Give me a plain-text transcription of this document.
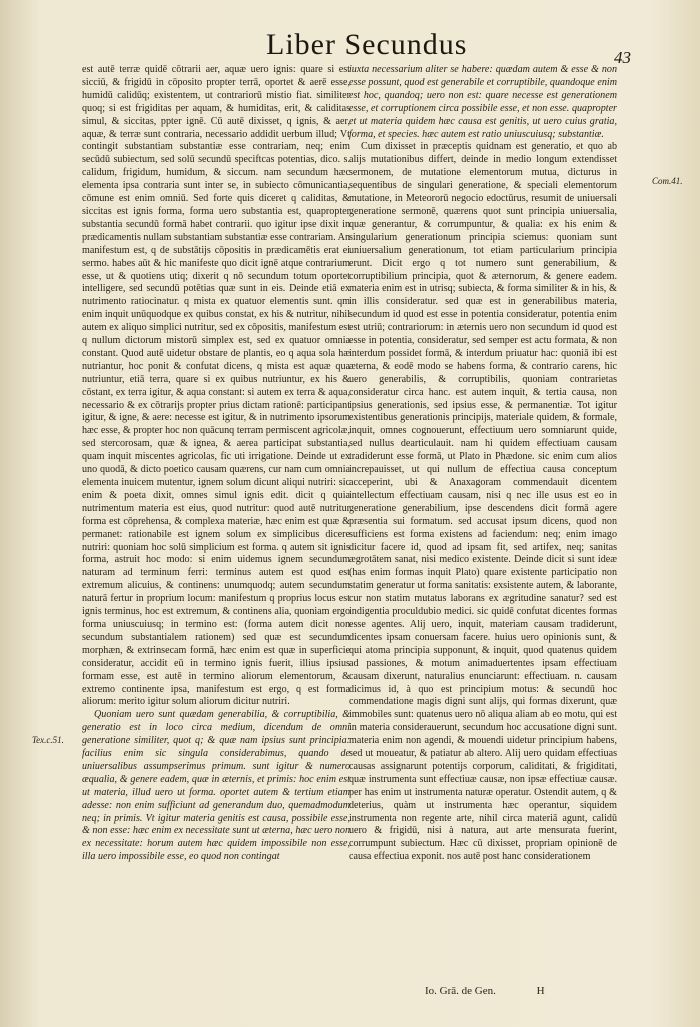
Liber Secundus	43

est autē terræ quidē cōtrarii aer, aquæ uero ignis: quare si est sicciū, & frigidū in cōposito propter terrā, oportet & aerē esse, humidū calidūq; existentem, ut contrariorū mistio fiat. similiter quoq; si est frigiditas per aquam, & humiditas, erit, & caliditas simul, & siccitas, ppter ignē. Cū autē dixisset, q ignis, & aer, aquæ, & terræ sunt contraria, necessario addidit uerbum illud; Vt contingit substantiam substantiæ esse contrariam, neq; enim secūdū subiectum, sed solū secundū speciftcas potentias, dico. s. calidum, frigidum, humidum, & siccum. nam secundum hæc elementa ipsa contraria sunt inter se, in subiecto cōmunicantia, cōmune est enim omniū. Sed forte quis diceret q caliditas, & siccitas est ignis forma, forma uero substantia est, quapropter substantia secundū formā habet contrarii. quo igitur ipse dixit in prædicamentis nullam substantiam substantiæ esse contrariam. An manifestum est, q de substātijs cōpositis in prædicamētis erat ei sermo. habes aūt & hic manifeste quo dicit ignē atque contrarium esse, ut & quotiens utiq; dixerit q nō secundum totum oportet intelligere, sed secundū potētias quæ sunt in eis. Deinde etiā ex nutrimento ratiocinatur. q mista ex quatuor elementis sunt. qm enim inquit unūquodque ex quibus constat, ex his & nutritur, nihil autem ex aliquo simplici nutritur, sed ex cōpositis, manifestum est q nullum dictorum mistorū simplex est, sed ex quatuor omnia constant. Quod autē uidetur obstare de plantis, eo q aqua sola hæ nutriantur, hoc ponit & confutat dicens, q mista est aquæ qua nutriuntur, etiā terra, quare si ex quibus nutriuntur, ex his & cōstant, ex terra igitur, & aqua constant: si autem ex terra & aqua, necessario & ex cōtrarijs propter prius dictam rationē: participant igitur, & igne, & aere: necesse est igitur, & in nutrimento ipsorum hæc esse, & propter hoc non quācunq terram permiscent agricolæ, sed stercorosam, quæ & ignea, & aerea participat substantia, quam inquit miscentes agricolas, fic uti irrigatione. Deinde ut ex uno quodā, & dicto poetico causam quærens, cur nam cum omnia elementa inuicem mutentur, ignem solum dicunt aliqui nutriri: sic enim & poeta dixit, omnes simul ignis edit. dicit q quia nutrimentum materia est eius, quod nutritur: quod autē nutritur forma est cōprehensa, & complexa materiæ, hæc enim est quæ & permanet: rationabile est ignem solum ex simplicibus dicere nutriri: quoniam hoc solū simplicium est forma. q autem sit ignis forma, astruit hoc modo: si enim uidemus ignem secundum naturam ad terminum ferri: terminus autem est quod est extremum alicuius, & continens: unumquodq; autem secundum naturā fertur in proprium locum: manifestum q proprius locus est ignis terminus, hoc est extremum, & continens alia, quoniam ergo forma uniuscuiusq; in termino est: (forma autem dicit non secundum substantialem rationem) sed quæ est secundum morphæn, & extrinsecam formā, hæc enim est quæ in superficie consideratur, accidit eū in termino ignis fuerit, illius ipsius formam esse, est autē in termino aliorum elementorum, & extremo continente ipsa, manifestum est ergo, q est forma aliorum: merito igitur solum aliorum dicitur nutriri.

Quoniam uero sunt quædam generabilia, & corruptibilia, & generatio est in loco circa medium, dicendum de omni generatione similiter, quot q; & quæ nam ipsius sunt principia: facilius enim sic singula considerabimus, quando de uniuersalibus assumpserimus primum. sunt igitur & numero æqualia, & genere eadem, quæ in æternis, et primis: hoc enim est ut materia, illud uero ut forma. oportet autem & tertium etiam adesse: non enim sufficiunt ad generandum duo, quemadmodum neq; in primis. Vt igitur materia genitis est causa, possibile esse, & non esse: hæc enim ex necessitate sunt ut æterna, hæc uero non ex necessitate: horum autem hæc quidem impossibile non esse, illa uero impossibile esse, eo quod non contingat

iuxta necessarium aliter se habere: quædam autem & esse & non esse possunt, quod est generabile et corruptibile, quandoque enim est hoc, quandoq; uero non est: quare necesse est generationem esse, et corruptionem circa possibile esse, et non esse. quapropter et ut materia quidem hæc causa est genitis, ut uero cuius gratia, forma, et species. hæc autem est ratio uniuscuiusq; substantiæ.

Cum dixisset in præceptis quidnam est generatio, et quo ab alijs mutationibus differt, deinde in medio longum extendisset sermonem, de mutatione elementorum mutua, dicturus in sequentibus de singulari generatione, & speciali elementorum mutatione, in Meteororū negocio edoctūrus, resumit de uniuersali generatione sermonē, quærens quot sunt principia uniuersalia, quæ generantur, & corrumpuntur, & qualia: ex his enim & singularium generationum principia sciemus: quoniam sunt uniuersalium generationum, tot etiam particularium principia erunt. Dicit ergo q tot numero sunt generabilium, & corruptibilium principia, quot & æternorum, & genere eadem. materia enim est in utrisq; subiecta, & forma similiter & in his, & in illis consideratur. sed quæ est in generabilibus materia, secundum id quod est esse in potentia consideratur, potentia enim est utriū; contrariorum: in æternis uero non secundum id quod est esse in potentia, consideratur, sed semper est actu formata, & non interdum possidet formā, & interdum priuatur hac: quoniā ibi est æterna, & eodē modo se habens forma, & contrario carens, hic uero generabilis, & corruptibilis, quoniam contrarietas consideratur circa hanc. est autem inquit, & tertia causa, non ipsius generationis, sed ipsius esse, & permanentiæ. Tot igitur existentibus generationis principijs, materiale quidem, & formale, inquit, omnes cognouerunt, effectiuum uero somniarunt quide, sed nullus dearticulauit. nam hi quidem effectiuam causam tradiderunt esse formā, ut Plato in Phædone. sic enim cum alios increpauisset, ut qui nullum de effectiua causa conceptum acceperint, ubi & Anaxagoram commendauit dicentem intellectum effectiuam causam, nisi q nec ille usus est eo in generatione generabilium, ipse descendens dicit formā agere præsentia sui formatum. sed accusat ipsum dicens, quod non sufficiens est forma existens ad faciendum: neq; enim imago dicitur facere id, quod ad ipsam fit, sed artifex, neq; sanitas ægrotātem sanat, nisi medico existente. Deinde dicit si sunt ideæ (has enim formas inquit Plato) quare existente participatio non statim generatur ut forma sanitatis: exsistente autem, & laborante, cur non statim mutatus laborans ex ægritudine sanatur? sed est indigentia proculdubio medici. sic quidē confutat dicentes formas esse agentes. Alij uero, inquit, materiam causam tradiderunt, dicentes ipsam conuersam facere. huius uero opinionis sunt, & qui atoma principia supponunt, & inquit, quod quatenus quidem ad passiones, & motum animaduertentes ipsam effectiuam causam dixerunt, naturalius enunciarunt: effectiuam. n. causam dicimus id, à quo est principium motus: & secundū hoc commendatione magis digni sunt alijs, qui formas dixerunt, quæ immobiles sunt: quatenus uero nō aliqua aliam ab eo motu, qui est in materia considerauerunt, secundum hoc accusatione digni sunt. materia enim non agendi, & mouendi uidetur principium habens, sed ut moueatur, & patiatur ab altero. Alij uero quidam effectiuas causas assignarunt potentijs corporum, caliditati, & frigiditati, quæ instrumenta sunt effectiuæ causæ, non ipsæ effectiuæ causæ. per has enim ut instrumenta naturæ operatur. Ostendit autem, q & deterius, quàm ut instrumenta hæc operantur, siquidem instrumenta non regente arte, nihil circa materiā agunt, calidū uero & frigidū, nisi à natura, aut arte mensurata fuerint, corrumpunt subiectum. Hæc cū dixisset, propriam opinionē de causa effectiua exponit. nos autē post hanc considerationem

Tex.c.51.
Com.41.
Io. Grā. de Gen.	H
